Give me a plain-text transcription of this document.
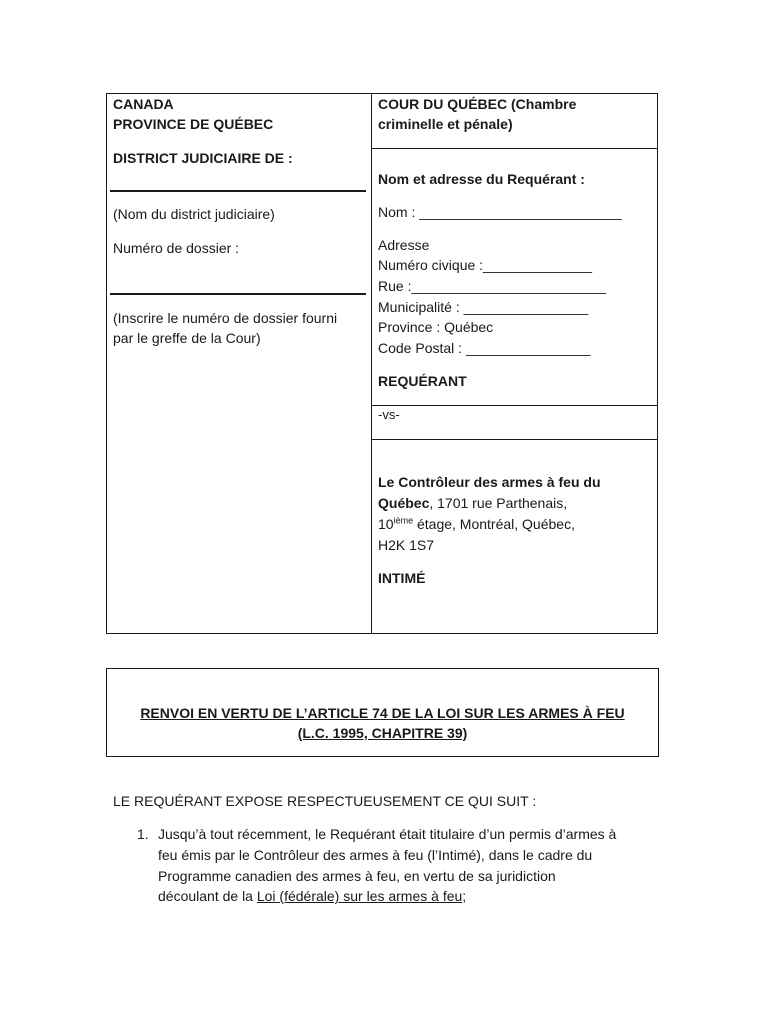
CANADA
PROVINCE DE QUÉBEC
DISTRICT JUDICIAIRE DE :
(Nom du district judiciaire)
Numéro de dossier :
(Inscrire le numéro de dossier fourni
par le greffe de la Cour)
COUR DU QUÉBEC (Chambre
criminelle et pénale)
Nom et adresse du Requérant :
Nom : __________________________
Adresse
Numéro civique :______________
Rue :_________________________
Municipalité : ________________
Province : Québec
Code Postal : ________________
REQUÉRANT
-vs-
Le Contrôleur des armes à feu du
Québec, 1701 rue Parthenais,
10ième étage, Montréal, Québec,
H2K 1S7
INTIMÉ
RENVOI EN VERTU DE L’ARTICLE 74 DE LA LOI SUR LES ARMES À FEU
(L.C. 1995, CHAPITRE 39)
LE REQUÉRANT EXPOSE RESPECTUEUSEMENT CE QUI SUIT :
1. Jusqu’à tout récemment, le Requérant était titulaire d’un permis d’armes à
feu émis par le Contrôleur des armes à feu (l’Intimé), dans le cadre du
Programme canadien des armes à feu, en vertu de sa juridiction
découlant de la Loi (fédérale) sur les armes à feu;
